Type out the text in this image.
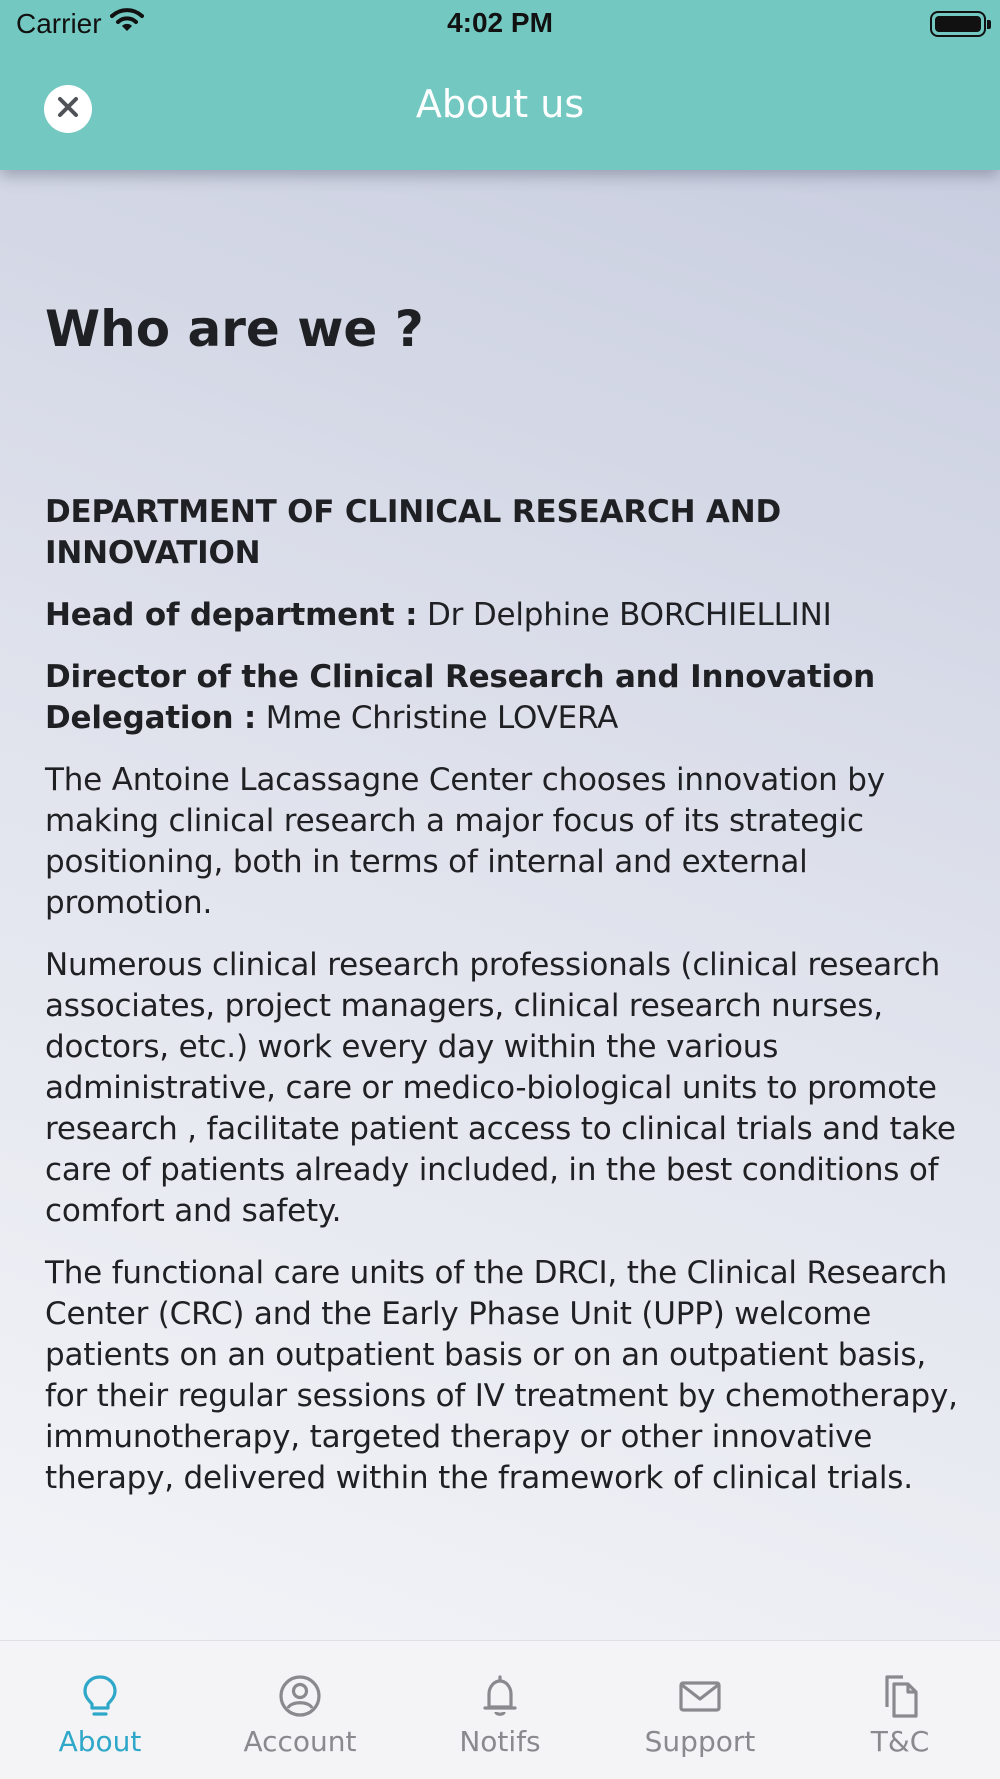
Carrier	4:02 PM
About us
Who are we ?

DEPARTMENT OF CLINICAL RESEARCH AND INNOVATION

Head of department : Dr Delphine BORCHIELLINI

Director of the Clinical Research and Innovation Delegation : Mme Christine LOVERA

The Antoine Lacassagne Center chooses innovation by making clinical research a major focus of its strategic positioning, both in terms of internal and external promotion.

Numerous clinical research professionals (clinical research associates, project managers, clinical research nurses, doctors, etc.) work every day within the various administrative, care or medico-biological units to promote research , facilitate patient access to clinical trials and take care of patients already included, in the best conditions of comfort and safety.

The functional care units of the DRCI, the Clinical Research Center (CRC) and the Early Phase Unit (UPP) welcome patients on an outpatient basis or on an outpatient basis, for their regular sessions of IV treatment by chemotherapy, immunotherapy, targeted therapy or other innovative therapy, delivered within the framework of clinical trials.

About	Account	Notifs	Support	T&C
